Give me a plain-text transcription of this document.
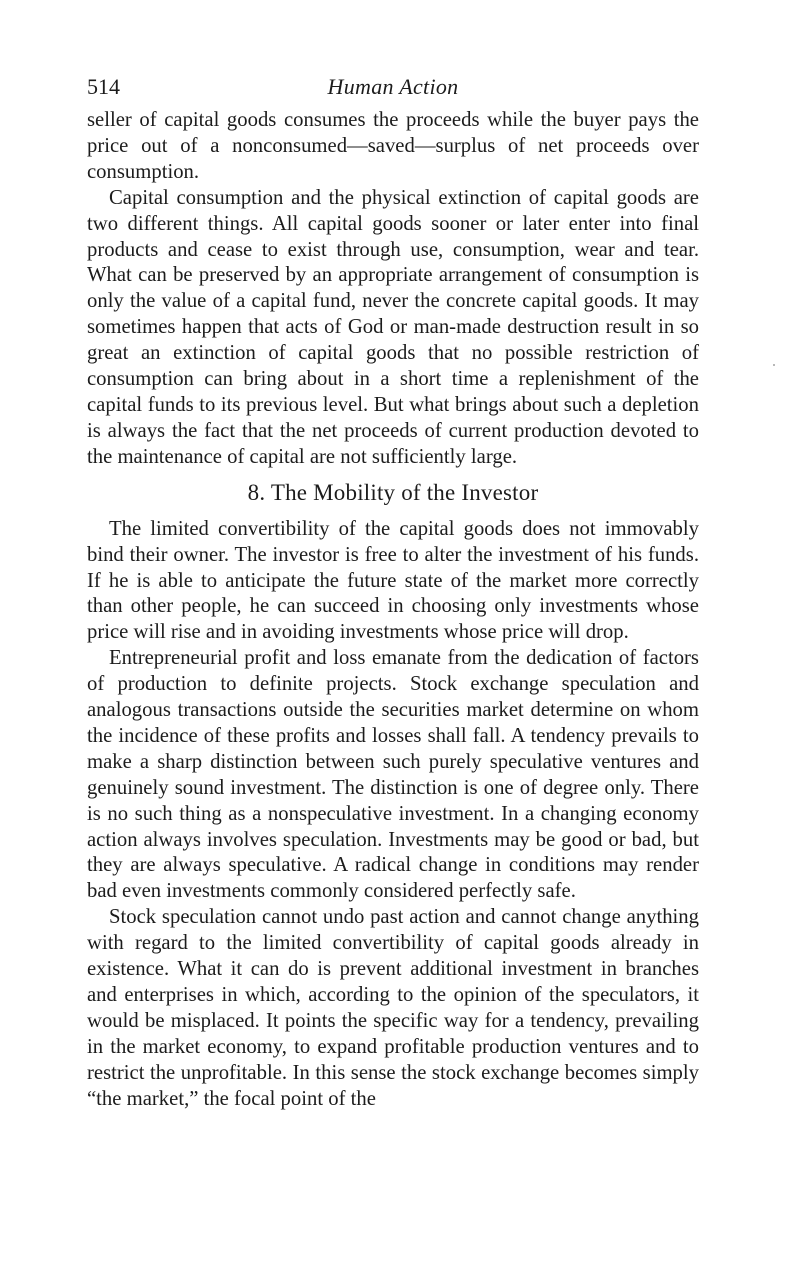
514	Human Action

seller of capital goods consumes the proceeds while the buyer pays the price out of a nonconsumed—saved—surplus of net proceeds over consumption.

Capital consumption and the physical extinction of capital goods are two different things. All capital goods sooner or later enter into final products and cease to exist through use, consumption, wear and tear. What can be preserved by an appropriate arrangement of consumption is only the value of a capital fund, never the concrete capital goods. It may sometimes happen that acts of God or man-made destruction result in so great an extinction of capital goods that no possible restriction of consumption can bring about in a short time a replenishment of the capital funds to its previous level. But what brings about such a depletion is always the fact that the net proceeds of current production devoted to the maintenance of capital are not sufficiently large.

8. The Mobility of the Investor

The limited convertibility of the capital goods does not immovably bind their owner. The investor is free to alter the investment of his funds. If he is able to anticipate the future state of the market more correctly than other people, he can succeed in choosing only investments whose price will rise and in avoiding investments whose price will drop.

Entrepreneurial profit and loss emanate from the dedication of factors of production to definite projects. Stock exchange speculation and analogous transactions outside the securities market determine on whom the incidence of these profits and losses shall fall. A tendency prevails to make a sharp distinction between such purely speculative ventures and genuinely sound investment. The distinction is one of degree only. There is no such thing as a nonspeculative investment. In a changing economy action always involves speculation. Investments may be good or bad, but they are always speculative. A radical change in conditions may render bad even investments commonly considered perfectly safe.

Stock speculation cannot undo past action and cannot change anything with regard to the limited convertibility of capital goods already in existence. What it can do is prevent additional investment in branches and enterprises in which, according to the opinion of the speculators, it would be misplaced. It points the specific way for a tendency, prevailing in the market economy, to expand profitable production ventures and to restrict the unprofitable. In this sense the stock exchange becomes simply “the market,” the focal point of the
